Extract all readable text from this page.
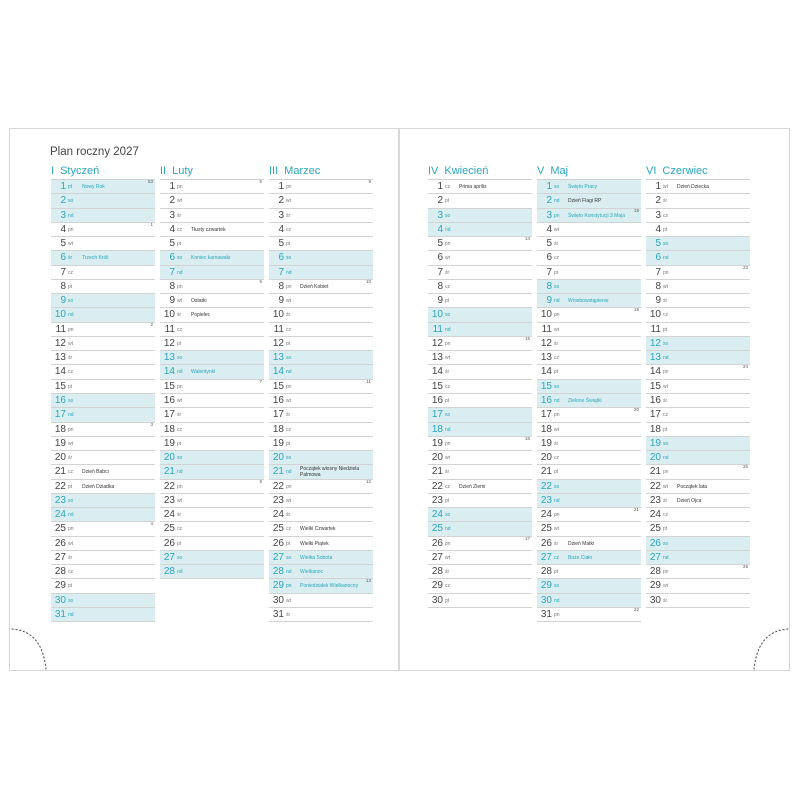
Plan roczny 2027
I Styczeń
1 pt Nowy Rok
53
2 so
3 nd
4 pn
1
5 wt
6 śr Trzech Króli
7 cz
8 pt
9 so
10 nd
11 pn
2
12 wt
13 śr
14 cz
15 pt
16 so
17 nd
18 pn
3
19 wt
20 śr
21 cz Dzień Babci
22 pt Dzień Dziadka
23 so
24 nd
25 pn
4
26 wt
27 śr
28 cz
29 pt
30 so
31 nd
II Luty
1 pn
5
2 wt
3 śr
4 cz Tłusty czwartek
5 pt
6 so Koniec karnawału
7 nd
8 pn
6
9 wt Ostatki
10 śr Popielec
11 cz
12 pt
13 so
14 nd Walentynki
15 pn
7
16 wt
17 śr
18 cz
19 pt
20 so
21 nd
22 pn
8
23 wt
24 śr
25 cz
26 pt
27 so
28 nd
III Marzec
1 pn
9
2 wt
3 śr
4 cz
5 pt
6 so
7 nd
8 pn Dzień Kobiet
10
9 wt
10 śr
11 cz
12 pt
13 so
14 nd
15 pn
11
16 wt
17 śr
18 cz
19 pt
20 so
21 nd Początek wiosny Niedziela Palmowa
22 pn
12
23 wt
24 śr
25 cz Wielki Czwartek
26 pt Wielki Piątek
27 so Wielka Sobota
28 nd Wielkanoc
29 pn Poniedziałek Wielkanocny
13
30 wt
31 śr
IV Kwiecień
1 cz Prima aprilis
2 pt
3 so
4 nd
5 pn
14
6 wt
7 śr
8 cz
9 pt
10 so
11 nd
12 pn
15
13 wt
14 śr
15 cz
16 pt
17 so
18 nd
19 pn
16
20 wt
21 śr
22 cz Dzień Ziemi
23 pt
24 so
25 nd
26 pn
17
27 wt
28 śr
29 cz
30 pt
V Maj
1 so Święto Pracy
2 nd Dzień Flagi RP
3 pn Święto Konstytucji 3 Maja
18
4 wt
5 śr
6 cz
7 pt
8 so
9 nd Wniebowstąpienie
10 pn
19
11 wt
12 śr
13 cz
14 pt
15 so
16 nd Zielone Świątki
17 pn
20
18 wt
19 śr
20 cz
21 pt
22 so
23 nd
24 pn
21
25 wt
26 śr Dzień Matki
27 cz Boże Ciało
28 pt
29 so
30 nd
31 pn
22
VI Czerwiec
1 wt Dzień Dziecka
2 śr
3 cz
4 pt
5 so
6 nd
7 pn
23
8 wt
9 śr
10 cz
11 pt
12 so
13 nd
14 pn
24
15 wt
16 śr
17 cz
18 pt
19 so
20 nd
21 pn
25
22 wt Początek lata
23 śr Dzień Ojca
24 cz
25 pt
26 so
27 nd
28 pn
26
29 wt
30 śr
